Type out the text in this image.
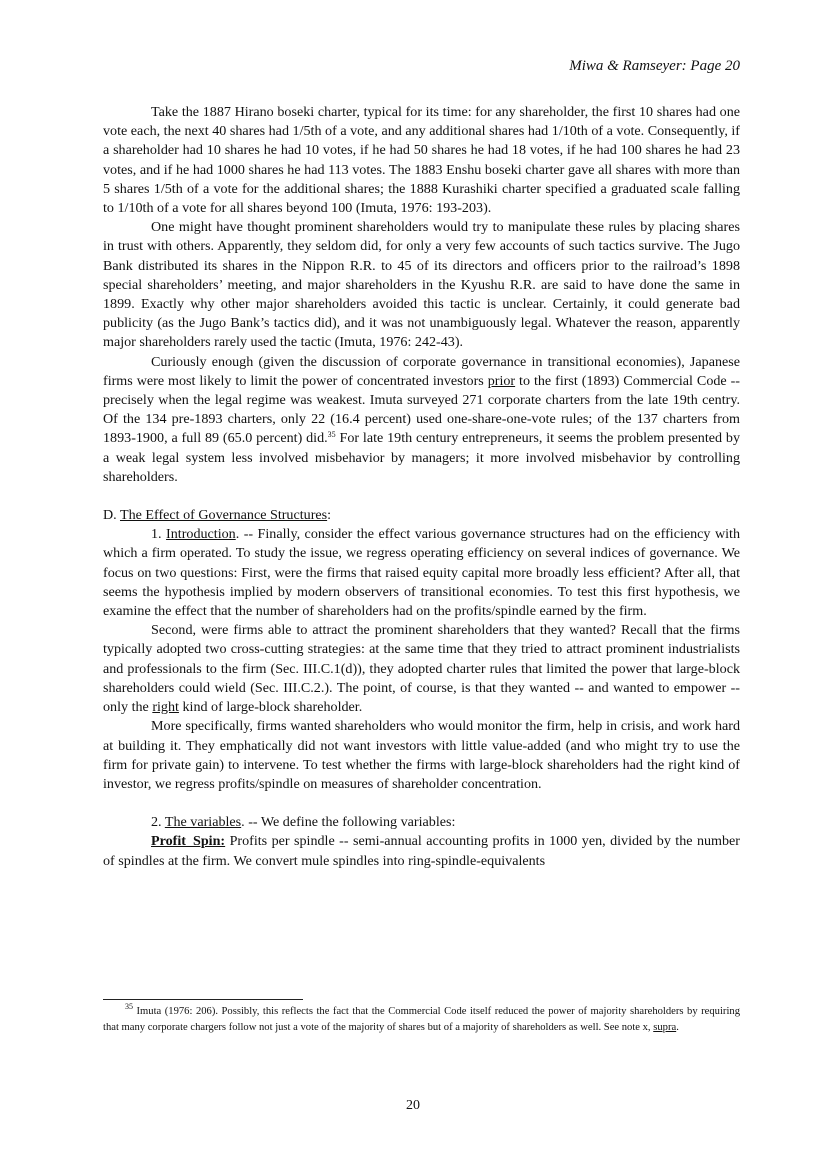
Miwa & Ramseyer: Page 20

Take the 1887 Hirano boseki charter, typical for its time: for any shareholder, the first 10 shares had one vote each, the next 40 shares had 1/5th of a vote, and any additional shares had 1/10th of a vote. Consequently, if a shareholder had 10 shares he had 10 votes, if he had 50 shares he had 18 votes, if he had 100 shares he had 23 votes, and if he had 1000 shares he had 113 votes. The 1883 Enshu boseki charter gave all shares with more than 5 shares 1/5th of a vote for the additional shares; the 1888 Kurashiki charter specified a graduated scale falling to 1/10th of a vote for all shares beyond 100 (Imuta, 1976: 193-203).

One might have thought prominent shareholders would try to manipulate these rules by placing shares in trust with others. Apparently, they seldom did, for only a very few accounts of such tactics survive. The Jugo Bank distributed its shares in the Nippon R.R. to 45 of its directors and officers prior to the railroad’s 1898 special shareholders’ meeting, and major shareholders in the Kyushu R.R. are said to have done the same in 1899. Exactly why other major shareholders avoided this tactic is unclear. Certainly, it could generate bad publicity (as the Jugo Bank’s tactics did), and it was not unambiguously legal. Whatever the reason, apparently major shareholders rarely used the tactic (Imuta, 1976: 242-43).

Curiously enough (given the discussion of corporate governance in transitional economies), Japanese firms were most likely to limit the power of concentrated investors prior to the first (1893) Commercial Code -- precisely when the legal regime was weakest. Imuta surveyed 271 corporate charters from the late 19th centry. Of the 134 pre-1893 charters, only 22 (16.4 percent) used one-share-one-vote rules; of the 137 charters from 1893-1900, a full 89 (65.0 percent) did.$^{35}$ For late 19th century entrepreneurs, it seems the problem presented by a weak legal system less involved misbehavior by managers; it more involved misbehavior by controlling shareholders.

D. The Effect of Governance Structures:

1. Introduction. -- Finally, consider the effect various governance structures had on the efficiency with which a firm operated. To study the issue, we regress operating efficiency on several indices of governance. We focus on two questions: First, were the firms that raised equity capital more broadly less efficient? After all, that seems the hypothesis implied by modern observers of transitional economies. To test this first hypothesis, we examine the effect that the number of shareholders had on the profits/spindle earned by the firm.

Second, were firms able to attract the prominent shareholders that they wanted? Recall that the firms typically adopted two cross-cutting strategies: at the same time that they tried to attract prominent industrialists and professionals to the firm (Sec. III.C.1(d)), they adopted charter rules that limited the power that large-block shareholders could wield (Sec. III.C.2.). The point, of course, is that they wanted -- and wanted to empower -- only the right kind of large-block shareholder.

More specifically, firms wanted shareholders who would monitor the firm, help in crisis, and work hard at building it. They emphatically did not want investors with little value-added (and who might try to use the firm for private gain) to intervene. To test whether the firms with large-block shareholders had the right kind of investor, we regress profits/spindle on measures of shareholder concentration.

2. The variables. -- We define the following variables:

Profit_Spin: Profits per spindle -- semi-annual accounting profits in 1000 yen, divided by the number of spindles at the firm. We convert mule spindles into ring-spindle-equivalents

$^{35}$ Imuta (1976: 206). Possibly, this reflects the fact that the Commercial Code itself reduced the power of majority shareholders by requiring that many corporate chargers follow not just a vote of the majority of shares but of a majority of shareholders as well. See note x, supra.

20
